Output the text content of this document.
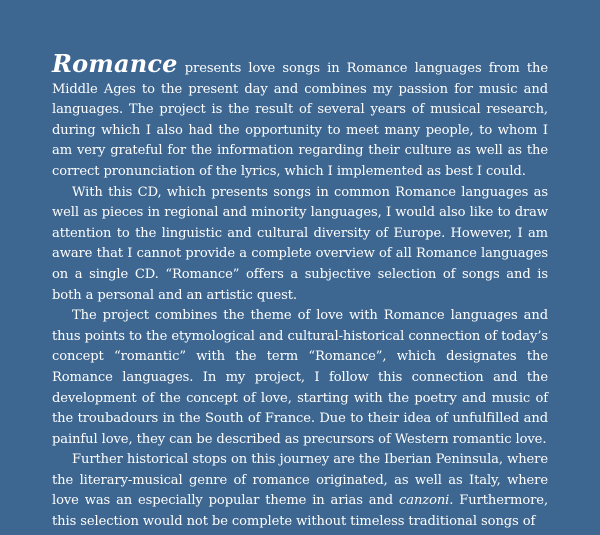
Romance presents love songs in Romance languages from the Middle Ages to the present day and combines my passion for music and languages. The project is the result of several years of musical research, during which I also had the opportunity to meet many people, to whom I am very grateful for the information regarding their culture as well as the correct pronunciation of the lyrics, which I implemented as best I could.

With this CD, which presents songs in common Romance languages as well as pieces in regional and minority languages, I would also like to draw attention to the linguistic and cultural diversity of Europe. However, I am aware that I cannot provide a complete overview of all Romance languages on a single CD. “Romance” offers a subjective selection of songs and is both a personal and an artistic quest.

The project combines the theme of love with Romance languages and thus points to the etymological and cultural-historical connection of today’s concept “romantic” with the term “Romance”, which designates the Romance languages. In my project, I follow this connection and the development of the concept of love, starting with the poetry and music of the troubadours in the South of France. Due to their idea of unfulfilled and painful love, they can be described as precursors of Western romantic love.

Further historical stops on this journey are the Iberian Peninsula, where the literary-musical genre of romance originated, as well as Italy, where love was an especially popular theme in arias and canzoni. Furthermore, this selection would not be complete without timeless traditional songs of
